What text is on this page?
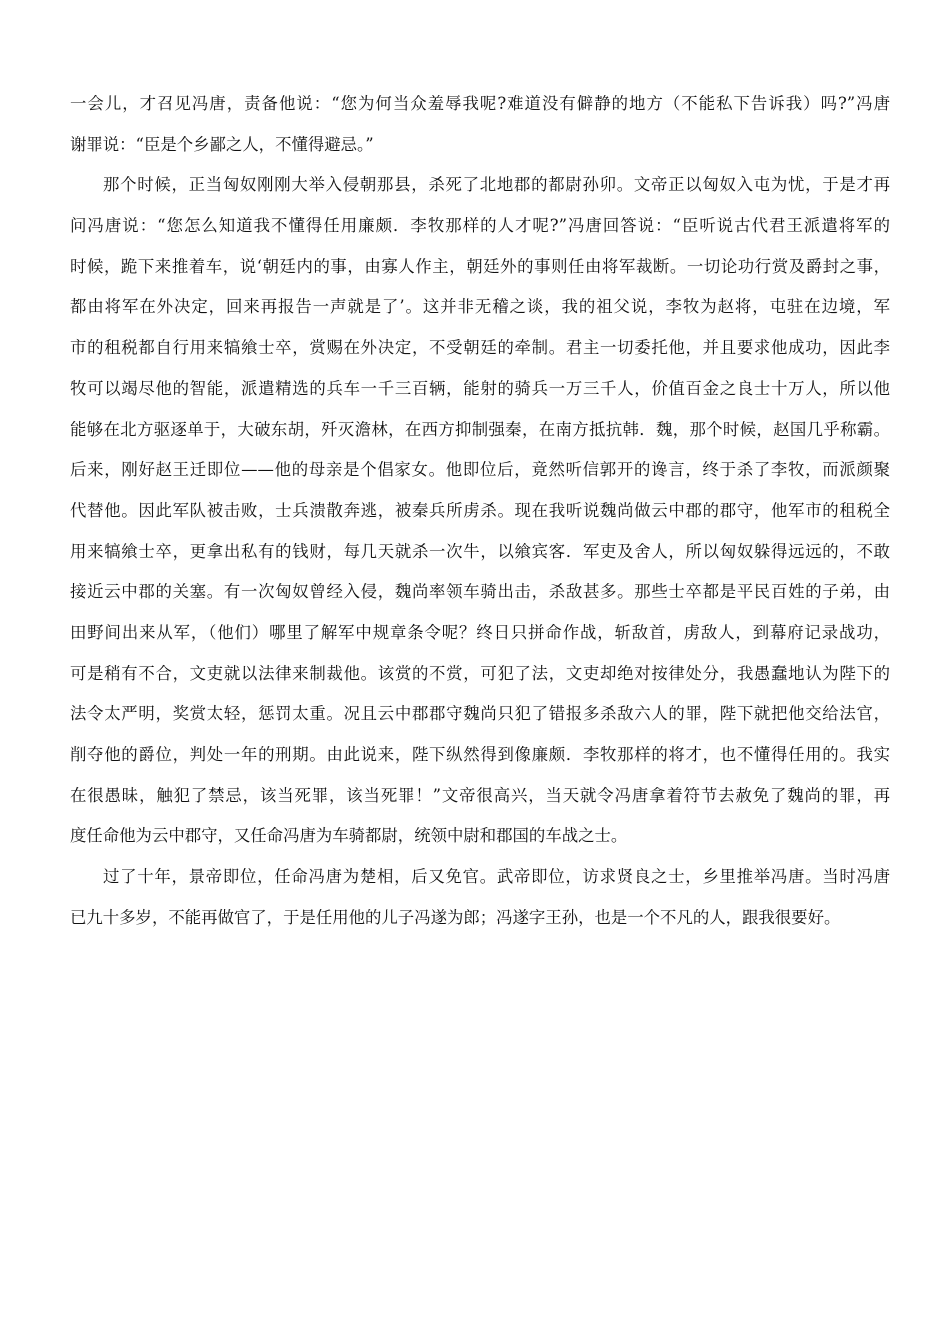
一会儿，才召见冯唐，责备他说：“您为何当众羞辱我呢?难道没有僻静的地方（不能私下告诉我）吗?”冯唐
谢罪说：“臣是个乡鄙之人，不懂得避忌。”
那个时候，正当匈奴刚刚大举入侵朝那县，杀死了北地郡的都尉孙卯。文帝正以匈奴入屯为忧，于是才再
问冯唐说：“您怎么知道我不懂得任用廉颇．李牧那样的人才呢?”冯唐回答说：“臣听说古代君王派遣将军的
时候，跪下来推着车，说‘朝廷内的事，由寡人作主，朝廷外的事则任由将军裁断。一切论功行赏及爵封之事，
都由将军在外决定，回来再报告一声就是了’。这并非无稽之谈，我的祖父说，李牧为赵将，屯驻在边境，军
市的租税都自行用来犒飨士卒，赏赐在外决定，不受朝廷的牵制。君主一切委托他，并且要求他成功，因此李
牧可以竭尽他的智能，派遣精选的兵车一千三百辆，能射的骑兵一万三千人，价值百金之良士十万人，所以他
能够在北方驱逐单于，大破东胡，歼灭澹林，在西方抑制强秦，在南方抵抗韩．魏，那个时候，赵国几乎称霸。
后来，刚好赵王迁即位——他的母亲是个倡家女。他即位后，竟然听信郭开的谗言，终于杀了李牧，而派颜聚
代替他。因此军队被击败，士兵溃散奔逃，被秦兵所虏杀。现在我听说魏尚做云中郡的郡守，他军市的租税全
用来犒飨士卒，更拿出私有的钱财，每几天就杀一次牛，以飨宾客．军吏及舍人，所以匈奴躲得远远的，不敢
接近云中郡的关塞。有一次匈奴曾经入侵，魏尚率领车骑出击，杀敌甚多。那些士卒都是平民百姓的子弟，由
田野间出来从军，（他们）哪里了解军中规章条令呢？终日只拼命作战，斩敌首，虏敌人，到幕府记录战功，
可是稍有不合，文吏就以法律来制裁他。该赏的不赏，可犯了法，文吏却绝对按律处分，我愚蠢地认为陛下的
法令太严明，奖赏太轻，惩罚太重。况且云中郡郡守魏尚只犯了错报多杀敌六人的罪，陛下就把他交给法官，
削夺他的爵位，判处一年的刑期。由此说来，陛下纵然得到像廉颇．李牧那样的将才，也不懂得任用的。我实
在很愚昧，触犯了禁忌，该当死罪，该当死罪！”文帝很高兴，当天就令冯唐拿着符节去赦免了魏尚的罪，再
度任命他为云中郡守，又任命冯唐为车骑都尉，统领中尉和郡国的车战之士。
过了十年，景帝即位，任命冯唐为楚相，后又免官。武帝即位，访求贤良之士，乡里推举冯唐。当时冯唐
已九十多岁，不能再做官了，于是任用他的儿子冯遂为郎；冯遂字王孙，也是一个不凡的人，跟我很要好。
